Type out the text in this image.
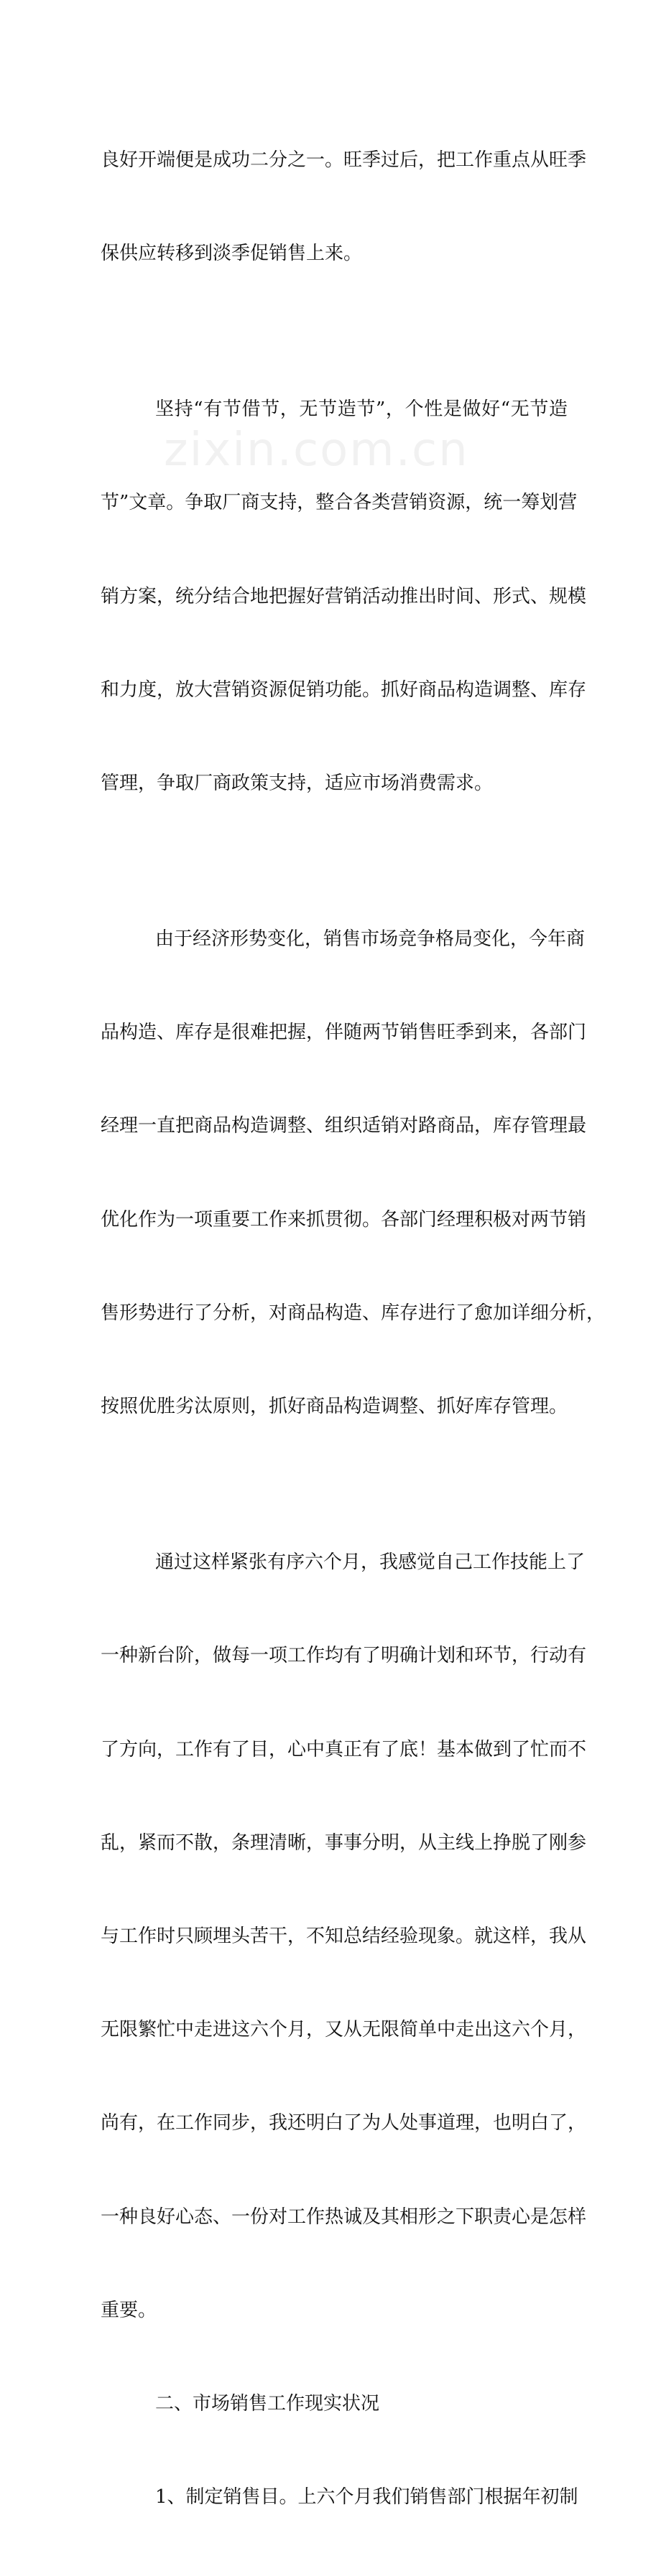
zixin.com.cn

良好开端便是成功二分之一。旺季过后，把工作重点从旺季

保供应转移到淡季促销售上来。

坚持“有节借节，无节造节”，个性是做好“无节造

节”文章。争取厂商支持，整合各类营销资源，统一筹划营

销方案，统分结合地把握好营销活动推出时间、形式、规模

和力度，放大营销资源促销功能。抓好商品构造调整、库存

管理，争取厂商政策支持，适应市场消费需求。

由于经济形势变化，销售市场竞争格局变化，今年商

品构造、库存是很难把握，伴随两节销售旺季到来，各部门

经理一直把商品构造调整、组织适销对路商品，库存管理最

优化作为一项重要工作来抓贯彻。各部门经理积极对两节销

售形势进行了分析，对商品构造、库存进行了愈加详细分析，

按照优胜劣汰原则，抓好商品构造调整、抓好库存管理。

通过这样紧张有序六个月，我感觉自己工作技能上了

一种新台阶，做每一项工作均有了明确计划和环节，行动有

了方向，工作有了目，心中真正有了底！基本做到了忙而不

乱，紧而不散，条理清晰，事事分明，从主线上挣脱了刚参

与工作时只顾埋头苦干，不知总结经验现象。就这样，我从

无限繁忙中走进这六个月，又从无限简单中走出这六个月，

尚有，在工作同步，我还明白了为人处事道理，也明白了，

一种良好心态、一份对工作热诚及其相形之下职责心是怎样

重要。

二、市场销售工作现实状况

1、制定销售目。上六个月我们销售部门根据年初制
